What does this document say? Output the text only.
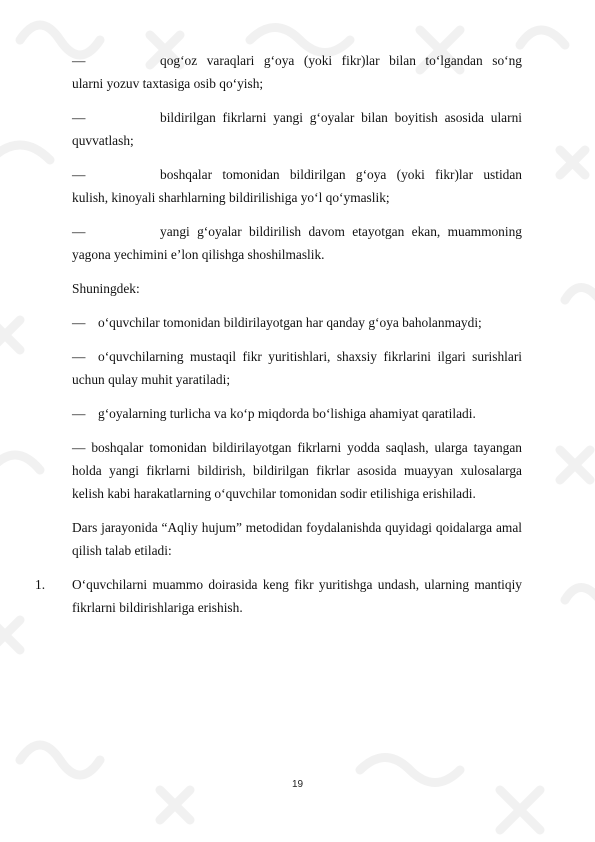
—	qog‘oz varaqlari g‘oya (yoki fikr)lar bilan to‘lgandan so‘ng
ularni yozuv taxtasiga osib qo‘yish;
—	bildirilgan fikrlarni yangi g‘oyalar bilan boyitish asosida ularni
quvvatlash;
—	boshqalar tomonidan bildirilgan g‘oya (yoki fikr)lar ustidan
kulish, kinoyali sharhlarning bildirilishiga yo‘l qo‘ymaslik;
—	yangi g‘oyalar bildirilish davom etayotgan ekan, muammoning
yagona yechimini e’lon qilishga shoshilmaslik.

Shuningdek:

— o‘quvchilar tomonidan bildirilayotgan har qanday g‘oya baholanmaydi;
— o‘quvchilarning mustaqil fikr yuritishlari, shaxsiy fikrlarini ilgari surishlari
uchun qulay muhit yaratiladi;
— g‘oyalarning turlicha va ko‘p miqdorda bo‘lishiga ahamiyat qaratiladi.

— boshqalar tomonidan bildirilayotgan fikrlarni yodda saqlash, ularga tayangan holda yangi fikrlarni bildirish, bildirilgan fikrlar asosida muayyan xulosalarga kelish kabi harakatlarning o‘quvchilar tomonidan sodir etilishiga erishiladi.

Dars jarayonida “Aqliy hujum” metodidan foydalanishda quyidagi qoidalarga amal qilish talab etiladi:

1. O‘quvchilarni muammo doirasida keng fikr yuritishga undash, ularning mantiqiy fikrlarni bildirishlariga erishish.
19
